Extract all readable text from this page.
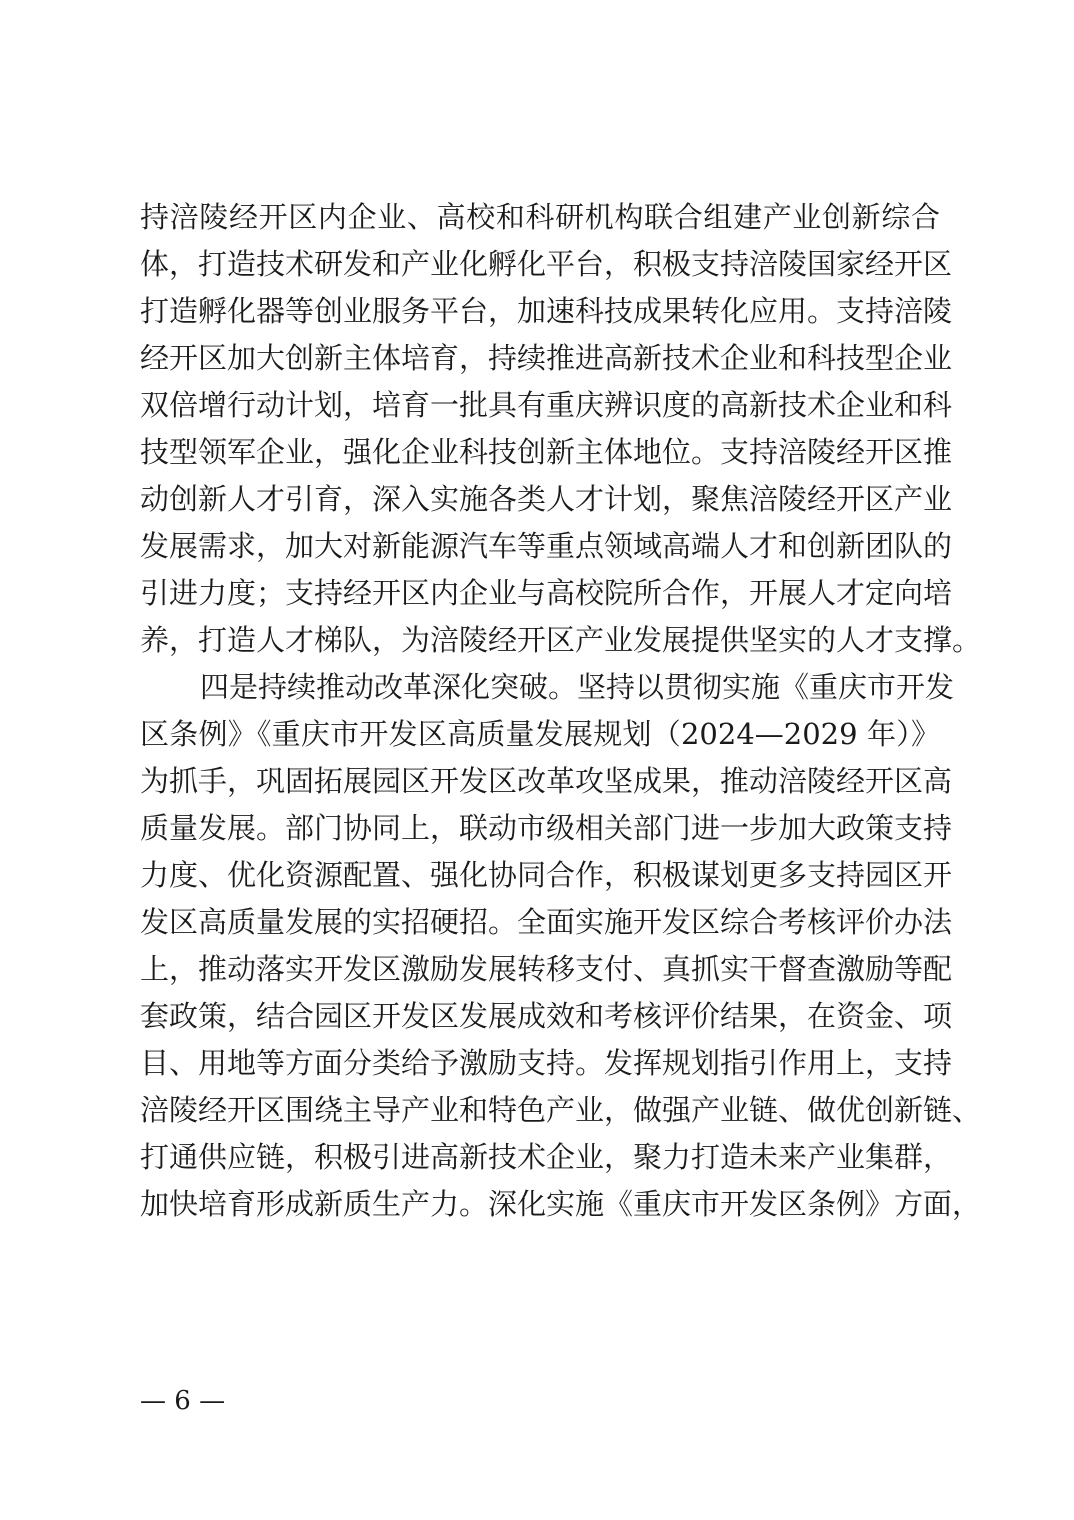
持涪陵经开区内企业、高校和科研机构联合组建产业创新综合
体，打造技术研发和产业化孵化平台，积极支持涪陵国家经开区
打造孵化器等创业服务平台，加速科技成果转化应用。支持涪陵
经开区加大创新主体培育，持续推进高新技术企业和科技型企业
双倍增行动计划，培育一批具有重庆辨识度的高新技术企业和科
技型领军企业，强化企业科技创新主体地位。支持涪陵经开区推
动创新人才引育，深入实施各类人才计划，聚焦涪陵经开区产业
发展需求，加大对新能源汽车等重点领域高端人才和创新团队的
引进力度；支持经开区内企业与高校院所合作，开展人才定向培
养，打造人才梯队，为涪陵经开区产业发展提供坚实的人才支撑。
四是持续推动改革深化突破。坚持以贯彻实施《重庆市开发
区条例》《重庆市开发区高质量发展规划（2024—2029 年）》
为抓手，巩固拓展园区开发区改革攻坚成果，推动涪陵经开区高
质量发展。部门协同上，联动市级相关部门进一步加大政策支持
力度、优化资源配置、强化协同合作，积极谋划更多支持园区开
发区高质量发展的实招硬招。全面实施开发区综合考核评价办法
上，推动落实开发区激励发展转移支付、真抓实干督查激励等配
套政策，结合园区开发区发展成效和考核评价结果，在资金、项
目、用地等方面分类给予激励支持。发挥规划指引作用上，支持
涪陵经开区围绕主导产业和特色产业，做强产业链、做优创新链、
打通供应链，积极引进高新技术企业，聚力打造未来产业集群，
加快培育形成新质生产力。深化实施《重庆市开发区条例》方面，
— 6 —
